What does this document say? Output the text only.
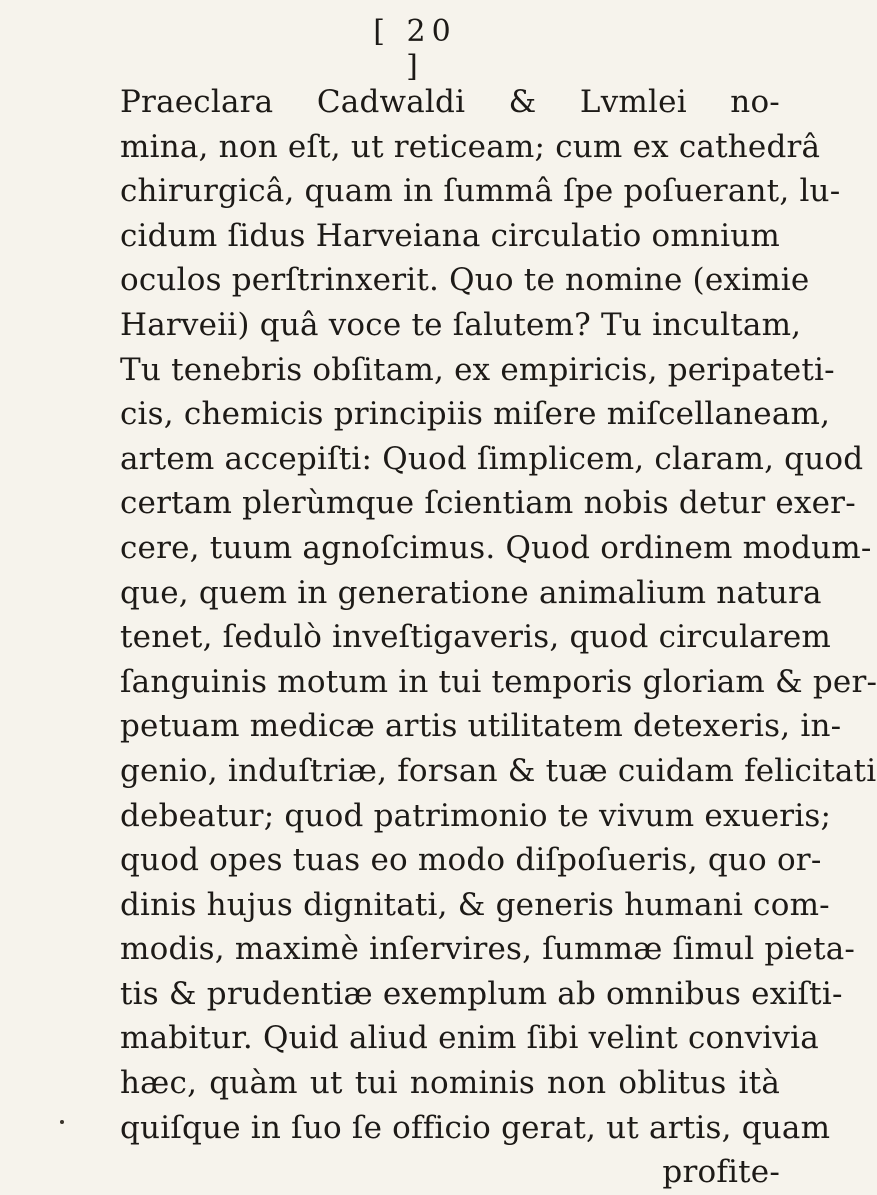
[ 20 ]
Praeclara Cadwaldi & Lvmlei no-
mina, non eſt, ut reticeam; cum ex cathedrâ
chirurgicâ, quam in ſummâ ſpe poſuerant, lu-
cidum ſidus Harveiana circulatio omnium
oculos perſtrinxerit. Quo te nomine (eximie
Harveii) quâ voce te ſalutem? Tu incultam,
Tu tenebris obſitam, ex empiricis, peripateti-
cis, chemicis principiis miſere miſcellaneam,
artem accepiſti: Quod ſimplicem, claram, quod
certam plerùmque ſcientiam nobis detur exer-
cere, tuum agnoſcimus. Quod ordinem modum-
que, quem in generatione animalium natura
tenet, ſedulò inveſtigaveris, quod circularem
ſanguinis motum in tui temporis gloriam & per-
petuam medicæ artis utilitatem detexeris, in-
genio, induſtriæ, forsan & tuæ cuidam felicitati
debeatur; quod patrimonio te vivum exueris;
quod opes tuas eo modo diſpoſueris, quo or-
dinis hujus dignitati, & generis humani com-
modis, maximè inſervires, ſummæ ſimul pieta-
tis & prudentiæ exemplum ab omnibus exiſti-
mabitur. Quid aliud enim ſibi velint convivia
hæc, quàm ut tui nominis non oblitus ità
quiſque in ſuo ſe officio gerat, ut artis, quam
profite-
